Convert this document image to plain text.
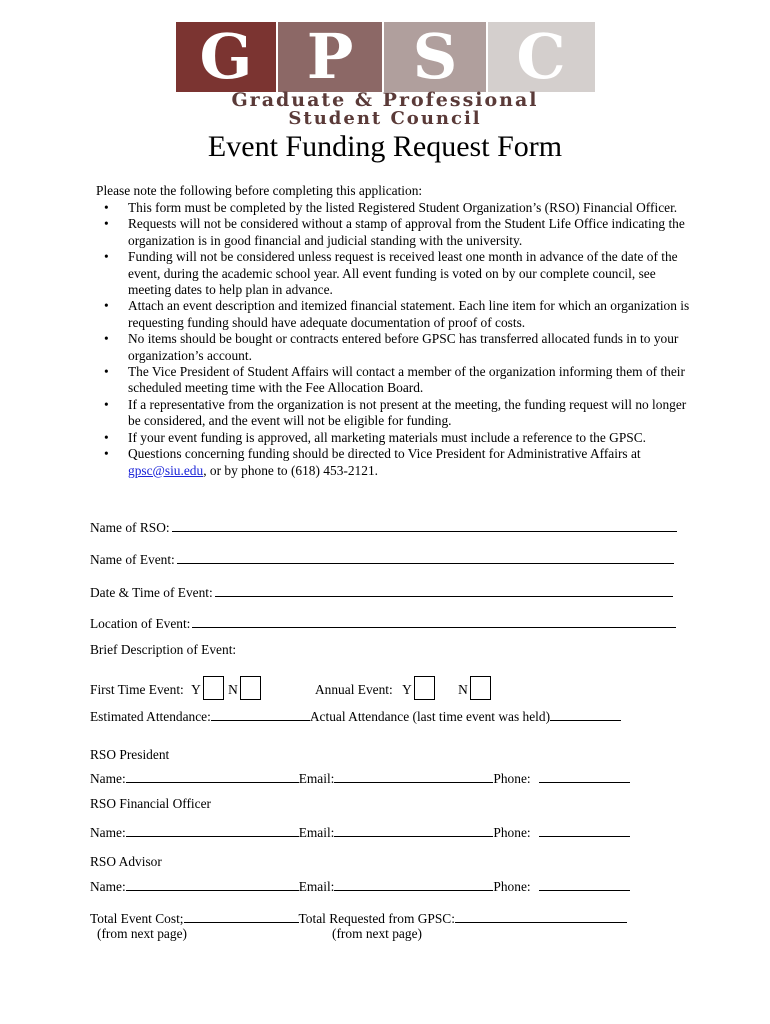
G P S C
Graduate & Professional
Student Council
Event Funding Request Form
Please note the following before completing this application:
• This form must be completed by the listed Registered Student Organization’s (RSO) Financial Officer.
• Requests will not be considered without a stamp of approval from the Student Life Office indicating the organization is in good financial and judicial standing with the university.
• Funding will not be considered unless request is received least one month in advance of the date of the event, during the academic school year. All event funding is voted on by our complete council, see meeting dates to help plan in advance.
• Attach an event description and itemized financial statement. Each line item for which an organization is requesting funding should have adequate documentation of proof of costs.
• No items should be bought or contracts entered before GPSC has transferred allocated funds in to your organization’s account.
• The Vice President of Student Affairs will contact a member of the organization informing them of their scheduled meeting time with the Fee Allocation Board.
• If a representative from the organization is not present at the meeting, the funding request will no longer be considered, and the event will not be eligible for funding.
• If your event funding is approved, all marketing materials must include a reference to the GPSC.
• Questions concerning funding should be directed to Vice President for Administrative Affairs at gpsc@siu.edu, or by phone to (618) 453-2121.
Name of RSO:
Name of Event:
Date & Time of Event:
Location of Event:
Brief Description of Event:
First Time Event: Y N	Annual Event: Y	N
Estimated Attendance:	Actual Attendance (last time event was held)
RSO President
Name:	Email:	Phone:
RSO Financial Officer
Name:	Email:	Phone:
RSO Advisor
Name:	Email:	Phone:
Total Event Cost;	Total Requested from GPSC:
(from next page)	(from next page)
